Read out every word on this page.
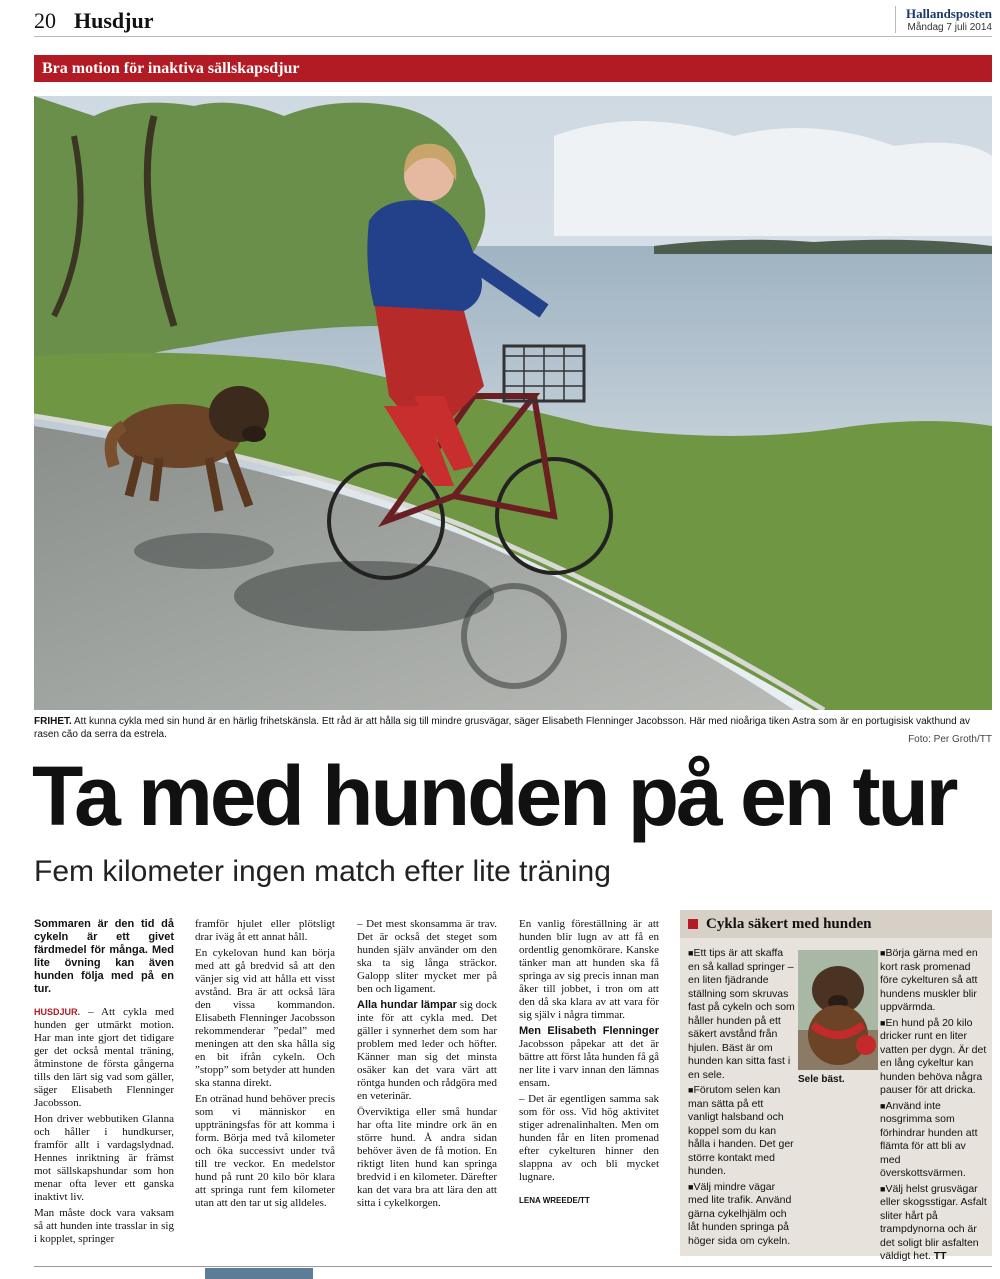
20 Husdjur	Hallandsposten
Måndag 7 juli 2014
Bra motion för inaktiva sällskapsdjur
FRIHET. Att kunna cykla med sin hund är en härlig frihetskänsla. Ett råd är att hålla sig till mindre grusvägar, säger Elisabeth Flenninger Jacobsson. Här med nioåriga tiken Astra som är en portugisisk vakthund av rasen cão da serra da estrela.	Foto: Per Groth/TT
Ta med hunden på en tur
Fem kilometer ingen match efter lite träning

Sommaren är den tid då cykeln är ett givet färdmedel för många. Med lite övning kan även hunden följa med på en tur.

HUSDJUR. – Att cykla med hunden ger utmärkt motion. Har man inte gjort det tidigare ger det också mental träning, åtminstone de första gångerna tills den lärt sig vad som gäller, säger Elisabeth Flenninger Jacobsson.

Hon driver webbutiken Glanna och håller i hundkurser, framför allt i vardagslydnad. Hennes inriktning är främst mot sällskapshundar som hon menar ofta lever ett ganska inaktivt liv.

Man måste dock vara vaksam så att hunden inte trasslar in sig i kopplet, springer

framför hjulet eller plötsligt drar iväg åt ett annat håll.

En cykelovan hund kan börja med att gå bredvid så att den vänjer sig vid att hålla ett visst avstånd. Bra är att också lära den vissa kommandon. Elisabeth Flenninger Jacobsson rekommenderar ”pedal” med meningen att den ska hålla sig en bit ifrån cykeln. Och ”stopp” som betyder att hunden ska stanna direkt.

En otränad hund behöver precis som vi människor en uppträningsfas för att komma i form. Börja med två kilometer och öka successivt under två till tre veckor. En medelstor hund på runt 20 kilo bör klara att springa runt fem kilometer utan att den tar ut sig alldeles.

– Det mest skonsamma är trav. Det är också det steget som hunden själv använder om den ska ta sig långa sträckor. Galopp sliter mycket mer på ben och ligament.

Alla hundar lämpar sig dock inte för att cykla med. Det gäller i synnerhet dem som har problem med leder och höfter. Känner man sig det minsta osäker kan det vara värt att röntga hunden och rådgöra med en veterinär.

Överviktiga eller små hundar har ofta lite mindre ork än en större hund. Å andra sidan behöver även de få motion. En riktigt liten hund kan springa bredvid i en kilometer. Därefter kan det vara bra att lära den att sitta i cykelkorgen.

En vanlig föreställning är att hunden blir lugn av att få en ordentlig genomkörare. Kanske tänker man att hunden ska få springa av sig precis innan man åker till jobbet, i tron om att den då ska klara av att vara för sig själv i några timmar.

Men Elisabeth Flenninger Jacobsson påpekar att det är bättre att först låta hunden få gå ner lite i varv innan den lämnas ensam.

– Det är egentligen samma sak som för oss. Vid hög aktivitet stiger adrenalinhalten. Men om hunden får en liten promenad efter cykelturen hinner den slappna av och bli mycket lugnare.

LENA WREEDE/TT

Cykla säkert med hunden

■ Ett tips är att skaffa en så kallad springer – en liten fjädrande ställning som skruvas fast på cykeln och som håller hunden på ett säkert avstånd från hjulen. Bäst är om hunden kan sitta fast i en sele.

■ Förutom selen kan man sätta på ett vanligt halsband och koppel som du kan hålla i handen. Det ger större kontakt med hunden.

■ Välj mindre vägar med lite trafik. Använd gärna cykelhjälm och låt hunden springa på höger sida om cykeln.

■ Börja gärna med en kort rask promenad före cykelturen så att hundens muskler blir uppvärmda.

■ En hund på 20 kilo dricker runt en liter vatten per dygn. Är det en lång cykeltur kan hunden behöva några pauser för att dricka.

■ Använd inte nosgrimma som förhindrar hunden att flämta för att bli av med överskottsvärmen.

■ Välj helst grusvägar eller skogsstigar. Asfalt sliter hårt på trampdynorna och är det soligt blir asfalten väldigt het. TT

Sele bäst.
